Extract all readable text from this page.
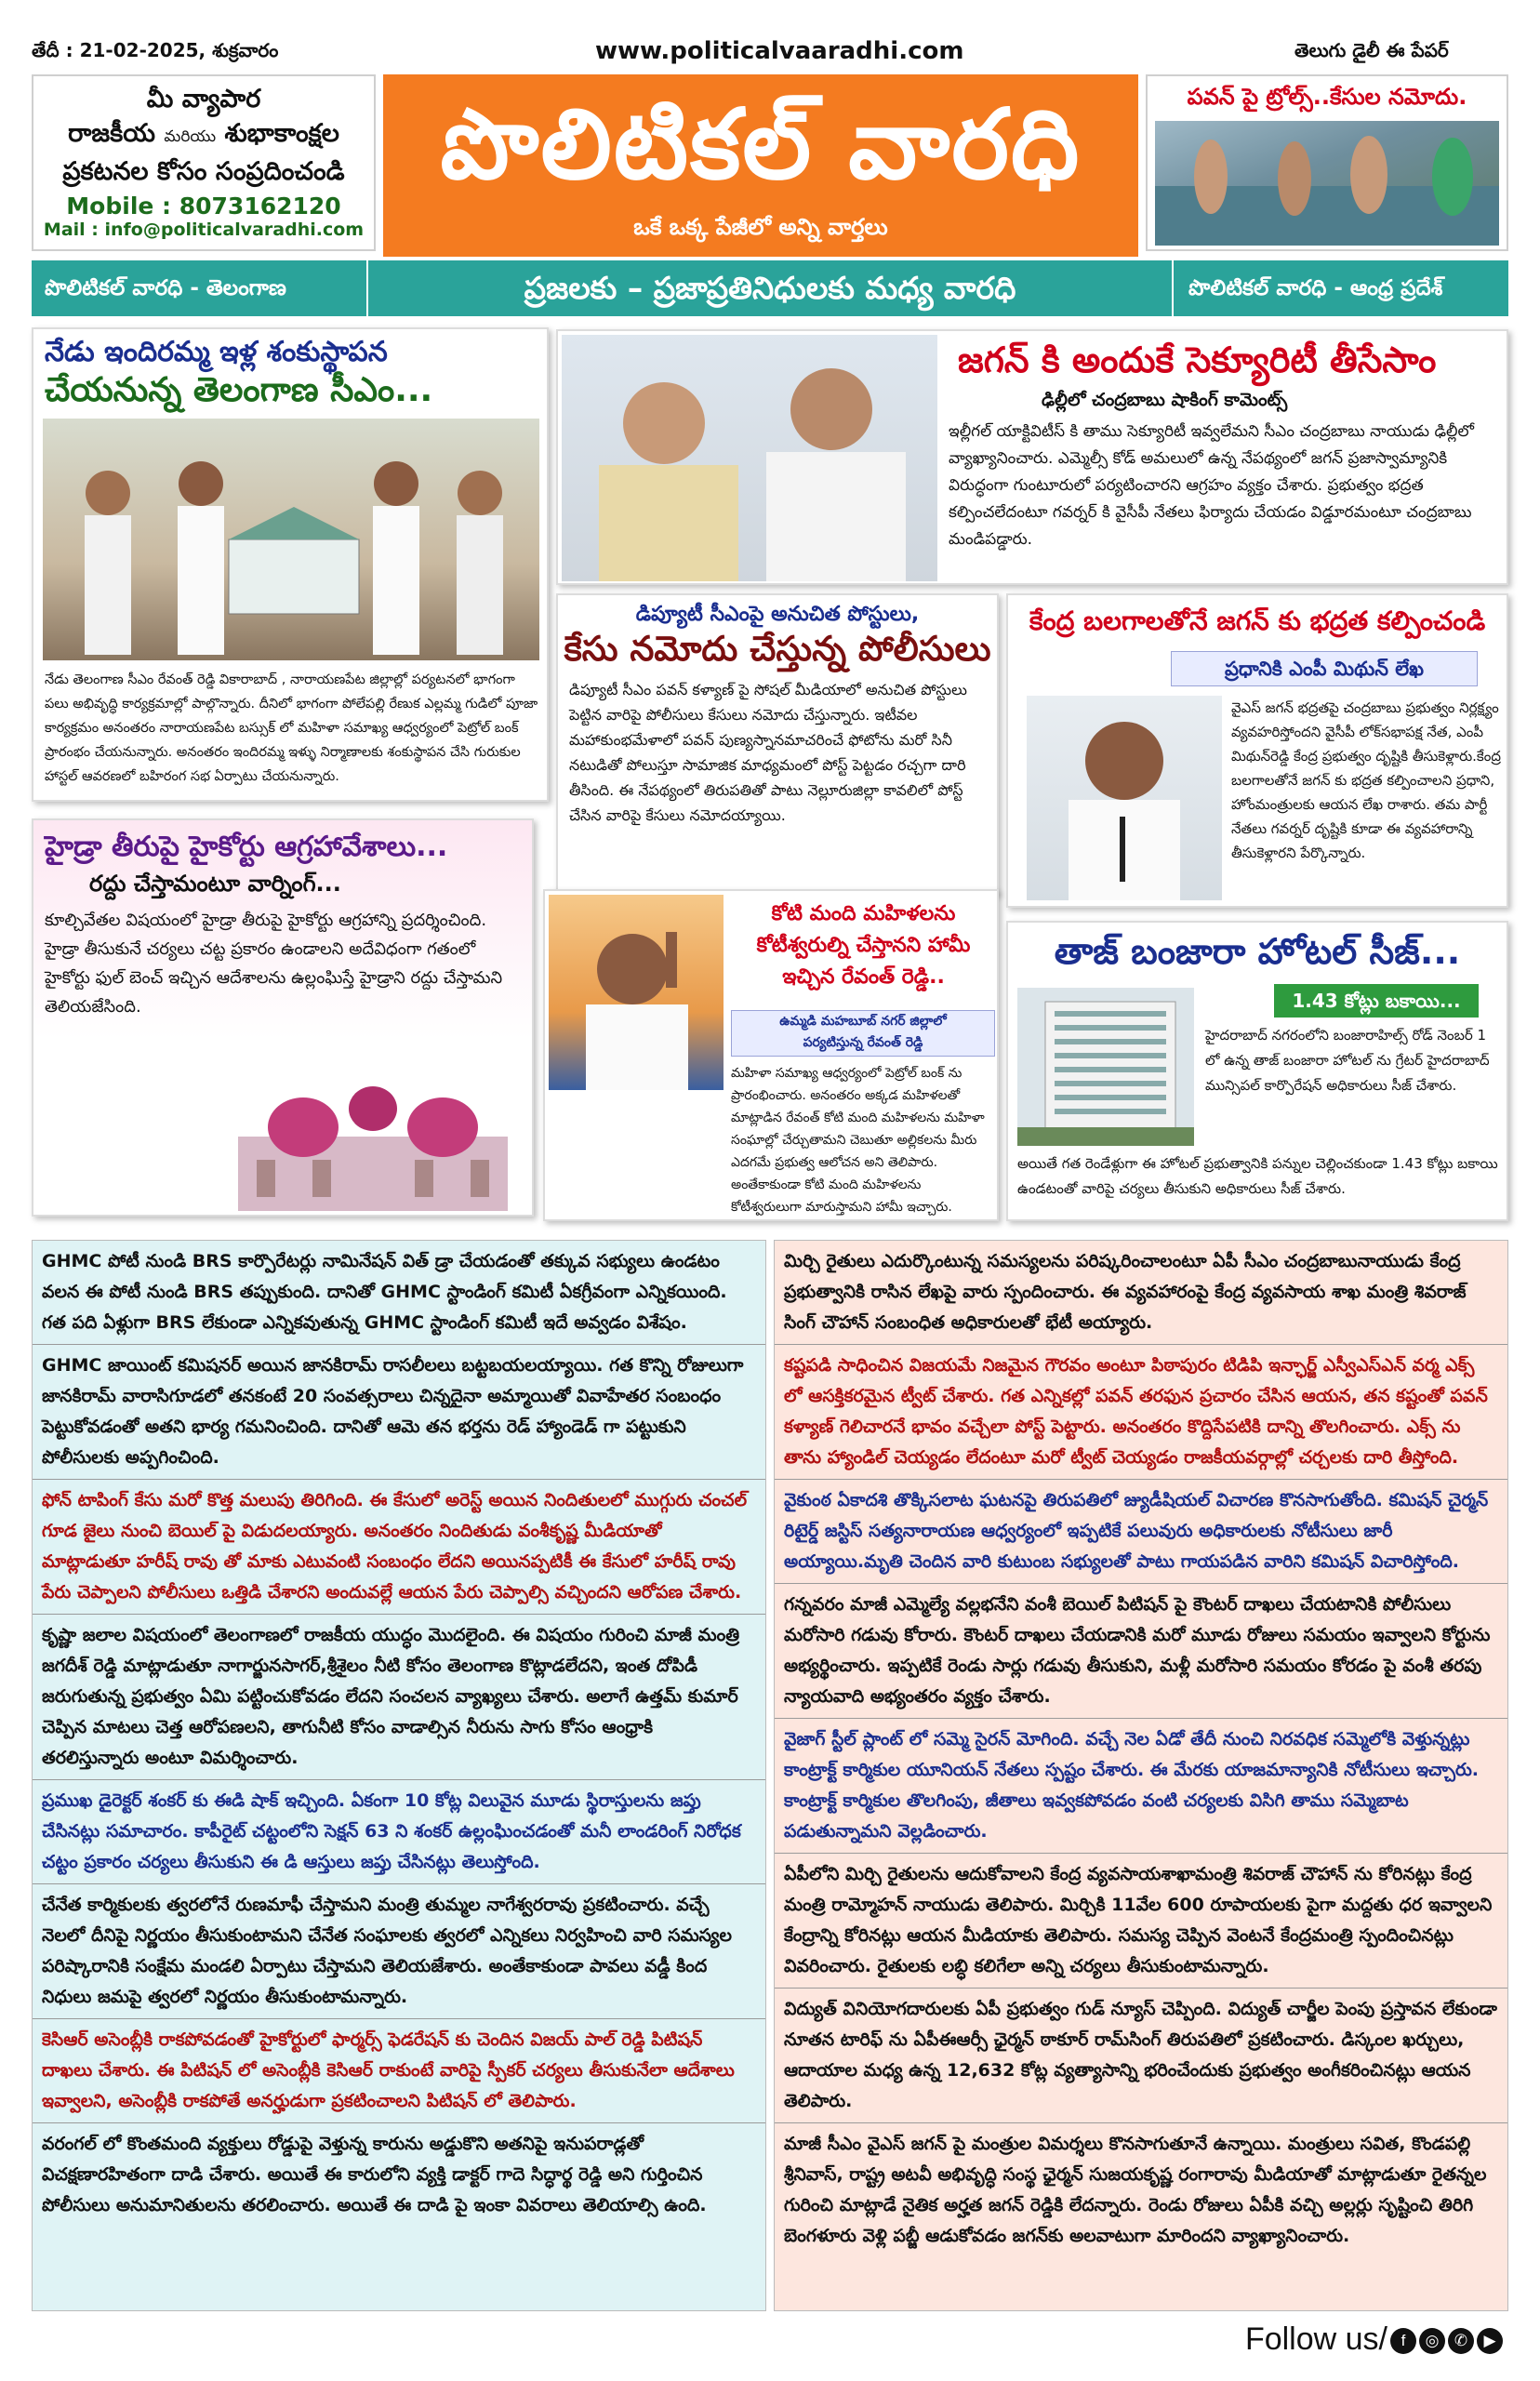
తేదీ : 21-02-2025, శుక్రవారం	www.politicalvaaradhi.com	తెలుగు డైలీ ఈ పేపర్
మీ వ్యాపార
రాజకీయ మరియు శుభాకాంక్షల
ప్రకటనల కోసం సంప్రదించండి
Mobile : 8073162120
Mail : info@politicalvaradhi.com
పొలిటికల్ వారధి
ఒకే ఒక్క పేజీలో అన్ని వార్తలు
పవన్ పై ట్రోల్స్..కేసుల నమోదు.
పొలిటికల్ వారధి - తెలంగాణ	ప్రజలకు – ప్రజాప్రతినిధులకు మధ్య వారధి	పొలిటికల్ వారధి - ఆంధ్ర ప్రదేశ్
నేడు ఇందిరమ్మ ఇళ్ల శంకుస్థాపన
చేయనున్న తెలంగాణ సీఎం...
నేడు తెలంగాణ సీఎం రేవంత్ రెడ్డి వికారాబాద్ , నారాయణపేట జిల్లాల్లో పర్యటనలో భాగంగా పలు అభివృద్ధి కార్యక్రమాల్లో పాల్గొన్నారు. దీనిలో భాగంగా పోలేపల్లి రేణుక ఎల్లమ్మ గుడిలో పూజా కార్యక్రమం అనంతరం నారాయణపేట బస్సుక్ లో మహిళా సమాఖ్య ఆధ్వర్యంలో పెట్రోల్ బంక్ ప్రారంభం చేయనున్నారు. అనంతరం ఇందిరమ్మ ఇళ్ళు నిర్మాణాలకు శంకుస్థాపన చేసి గురుకుల హాస్టల్ ఆవరణలో బహిరంగ సభ ఏర్పాటు చేయనున్నారు.
జగన్ కి అందుకే సెక్యూరిటీ తీసేసాం
ఢిల్లీలో చంద్రబాబు షాకింగ్ కామెంట్స్
ఇల్లీగల్ యాక్టివిటీస్ కి తాము సెక్యూరిటీ ఇవ్వలేమని సీఎం చంద్రబాబు నాయుడు ఢిల్లీలో వ్యాఖ్యానించారు. ఎమ్మెల్సీ కోడ్ అమలులో ఉన్న నేపథ్యంలో జగన్ ప్రజాస్వామ్యానికి విరుద్ధంగా గుంటూరులో పర్యటించారని ఆగ్రహం వ్యక్తం చేశారు. ప్రభుత్వం భద్రత కల్పించలేదంటూ గవర్నర్ కి వైసీపీ నేతలు ఫిర్యాదు చేయడం విడ్డూరమంటూ చంద్రబాబు మండిపడ్డారు.
డిప్యూటీ సీఎంపై అనుచిత పోస్టులు,
కేసు నమోదు చేస్తున్న పోలీసులు
డిప్యూటీ సీఎం పవన్ కళ్యాణ్ పై సోషల్ మీడియాలో అనుచిత పోస్టులు పెట్టిన వారిపై పోలీసులు కేసులు నమోదు చేస్తున్నారు. ఇటీవల మహాకుంభమేళాలో పవన్ పుణ్యస్నానమాచరించే ఫోటోను మరో సినీ నటుడితో పోలుస్తూ సామాజిక మాధ్యమంలో పోస్ట్ పెట్టడం రచ్చగా దారి తీసింది. ఈ నేపథ్యంలో తిరుపతితో పాటు నెల్లూరుజిల్లా కావలిలో పోస్ట్ చేసిన వారిపై కేసులు నమోదయ్యాయి.
కేంద్ర బలగాలతోనే జగన్ కు భద్రత కల్పించండి
ప్రధానికి ఎంపీ మిథున్ లేఖ
వైఎస్ జగన్ భద్రతపై చంద్రబాబు ప్రభుత్వం నిర్లక్ష్యం వ్యవహరిస్తోందని వైసీపీ లోక్‌సభాపక్ష నేత, ఎంపీ మిథున్‌రెడ్డి కేంద్ర ప్రభుత్వం దృష్టికి తీసుకెళ్లారు.కేంద్ర బలగాలతోనే జగన్ కు భద్రత కల్పించాలని ప్రధాని, హోంమంత్రులకు ఆయన లేఖ రాశారు. తమ పార్టీ నేతలు గవర్నర్ దృష్టికి కూడా ఈ వ్యవహారాన్ని తీసుకెళ్లారని పేర్కొన్నారు.
హైడ్రా తీరుపై హైకోర్టు ఆగ్రహావేశాలు...
రద్దు చేస్తామంటూ వార్నింగ్...
కూల్చివేతల విషయంలో హైడ్రా తీరుపై హైకోర్టు ఆగ్రహాన్ని ప్రదర్శించింది. హైడ్రా తీసుకునే చర్యలు చట్ట ప్రకారం ఉండాలని అదేవిధంగా గతంలో హైకోర్టు ఫుల్ బెంచ్ ఇచ్చిన ఆదేశాలను ఉల్లంఘిస్తే హైడ్రాని రద్దు చేస్తామని తెలియజేసింది.
కోటి మంది మహిళలను కోటీశ్వరుల్ని చేస్తానని హామీ ఇచ్చిన రేవంత్ రెడ్డి..
ఉమ్మడి మహబూబ్ నగర్ జిల్లాలో
పర్యటిస్తున్న రేవంత్ రెడ్డి
మహిళా సమాఖ్య ఆధ్వర్యంలో పెట్రోల్ బంక్ ను ప్రారంభించారు. అనంతరం అక్కడ మహిళలతో మాట్లాడిన రేవంత్ కోటి మంది మహిళలను మహిళా సంఘాల్లో చేర్చుతామని చెబుతూ అల్లికలను మీరు ఎదగమే ప్రభుత్వ ఆలోచన అని తెలిపారు. అంతేకాకుండా కోటి మంది మహిళలను కోటీశ్వరులుగా మారుస్తామని హామీ ఇచ్చారు.
తాజ్ బంజారా హోటల్ సీజ్...
1.43 కోట్లు బకాయి...
హైదరాబాద్ నగరంలోని బంజారాహిల్స్ రోడ్ నెంబర్ 1 లో ఉన్న తాజ్ బంజారా హోటల్ ను గ్రేటర్ హైదరాబాద్ మున్సిపల్ కార్పొరేషన్ అధికారులు సీజ్ చేశారు.
అయితే గత రెండేళ్లుగా ఈ హోటల్ ప్రభుత్వానికి పన్నుల చెల్లించకుండా 1.43 కోట్లు బకాయి ఉండటంతో వారిపై చర్యలు తీసుకుని అధికారులు సీజ్ చేశారు.
GHMC పోటీ నుండి BRS కార్పొరేటర్లు నామినేషన్ విత్ డ్రా చేయడంతో తక్కువ సభ్యులు ఉండటం వలన ఈ పోటీ నుండి BRS తప్పుకుంది. దానితో GHMC స్టాండింగ్ కమిటీ ఏకగ్రీవంగా ఎన్నికయింది. గత పది ఏళ్లుగా BRS లేకుండా ఎన్నికవుతున్న GHMC స్టాండింగ్ కమిటీ ఇదే అవ్వడం విశేషం.
GHMC జాయింట్ కమిషనర్ అయిన జానకిరామ్ రాసలీలలు బట్టబయలయ్యాయి. గత కొన్ని రోజులుగా జానకిరామ్ వారాసిగూడలో తనకంటే 20 సంవత్సరాలు చిన్నదైనా అమ్మాయితో వివాహేతర సంబంధం పెట్టుకోవడంతో అతని భార్య గమనించింది. దానితో ఆమె తన భర్తను రెడ్ హ్యాండెడ్ గా పట్టుకుని పోలీసులకు అప్పగించింది.
ఫోన్ టాపింగ్ కేసు మరో కొత్త మలుపు తిరిగింది. ఈ కేసులో అరెస్ట్ అయిన నిందితులలో ముగ్గురు చంచల్ గూడ జైలు నుంచి బెయిల్ పై విడుదలయ్యారు. అనంతరం నిందితుడు వంశీకృష్ణ మీడియాతో మాట్లాడుతూ హరీష్ రావు తో మాకు ఎటువంటి సంబంధం లేదని అయినప్పటికీ ఈ కేసులో హరీష్ రావు పేరు చెప్పాలని పోలీసులు ఒత్తిడి చేశారని అందువల్లే ఆయన పేరు చెప్పాల్సి వచ్చిందని ఆరోపణ చేశారు.
కృష్ణా జలాల విషయంలో తెలంగాణలో రాజకీయ యుద్ధం మొదలైంది. ఈ విషయం గురించి మాజీ మంత్రి జగదీశ్ రెడ్డి మాట్లాడుతూ నాగార్జునసాగర్,శ్రీశైలం నీటి కోసం తెలంగాణ కొట్లాడలేదని, ఇంత దోపిడీ జరుగుతున్న ప్రభుత్వం ఏమి పట్టించుకోవడం లేదని సంచలన వ్యాఖ్యలు చేశారు. అలాగే ఉత్తమ్ కుమార్ చెప్పిన మాటలు చెత్త ఆరోపణలని, తాగునీటి కోసం వాడాల్సిన నీరును సాగు కోసం ఆంధ్రాకి తరలిస్తున్నారు అంటూ విమర్శించారు.
ప్రముఖ డైరెక్టర్ శంకర్ కు ఈడి షాక్ ఇచ్చింది. ఏకంగా 10 కోట్ల విలువైన మూడు స్థిరాస్తులను జప్తు చేసినట్లు సమాచారం. కాపీరైట్ చట్టంలోని సెక్షన్ 63 ని శంకర్ ఉల్లంఘించడంతో మనీ లాండరింగ్ నిరోధక చట్టం ప్రకారం చర్యలు తీసుకుని ఈ డి ఆస్తులు జప్తు చేసినట్లు తెలుస్తోంది.
చేనేత కార్మికులకు త్వరలోనే రుణమాఫీ చేస్తామని మంత్రి తుమ్మల నాగేశ్వరరావు ప్రకటించారు. వచ్చే నెలలో దీనిపై నిర్ణయం తీసుకుంటామని చేనేత సంఘాలకు త్వరలో ఎన్నికలు నిర్వహించి వారి సమస్యల పరిష్కారానికి సంక్షేమ మండలి ఏర్పాటు చేస్తామని తెలియజేశారు. అంతేకాకుండా పావలు వడ్డీ కింద నిధులు జమపై త్వరలో నిర్ణయం తీసుకుంటామన్నారు.
కెసిఆర్ అసెంబ్లీకి రాకపోవడంతో హైకోర్టులో ఫార్మర్స్ ఫెడరేషన్ కు చెందిన విజయ్ పాల్ రెడ్డి పిటిషన్ దాఖలు చేశారు. ఈ పిటిషన్ లో అసెంబ్లీకి కెసిఆర్ రాకుంటే వారిపై స్పీకర్ చర్యలు తీసుకునేలా ఆదేశాలు ఇవ్వాలని, అసెంబ్లీకి రాకపోతే అనర్హుడుగా ప్రకటించాలని పిటిషన్ లో తెలిపారు.
వరంగల్ లో కొంతమంది వ్యక్తులు రోడ్డుపై వెళ్తున్న కారును అడ్డుకొని అతనిపై ఇనుపరాడ్లతో విచక్షణారహితంగా దాడి చేశారు. అయితే ఈ కారులోని వ్యక్తి డాక్టర్ గాదె సిద్ధార్థ రెడ్డి అని గుర్తించిన పోలీసులు అనుమానితులను తరలించారు. అయితే ఈ దాడి పై ఇంకా వివరాలు తెలియాల్సి ఉంది.
మిర్చి రైతులు ఎదుర్కొంటున్న సమస్యలను పరిష్కరించాలంటూ ఏపీ సీఎం చంద్రబాబునాయుడు కేంద్ర ప్రభుత్వానికి రాసిన లేఖపై వారు స్పందించారు. ఈ వ్యవహారంపై కేంద్ర వ్యవసాయ శాఖ మంత్రి శివరాజ్ సింగ్ చౌహాన్ సంబంధిత అధికారులతో భేటీ అయ్యారు.
కష్టపడి సాధించిన విజయమే నిజమైన గౌరవం అంటూ పిఠాపురం టిడిపి ఇన్ఛార్జ్ ఎస్వీఎస్ఎన్ వర్మ ఎక్స్ లో ఆసక్తికరమైన ట్వీట్ చేశారు. గత ఎన్నికల్లో పవన్ తరఫున ప్రచారం చేసిన ఆయన, తన కష్టంతో పవన్ కళ్యాణ్ గెలిచారనే భావం వచ్చేలా పోస్ట్ పెట్టారు. అనంతరం కొద్దిసేపటికి దాన్ని తొలగించారు. ఎక్స్ ను తాను హ్యాండిల్ చెయ్యడం లేదంటూ మరో ట్వీట్ చెయ్యడం రాజకీయవర్గాల్లో చర్చలకు దారి తీస్తోంది.
వైకుంఠ ఏకాదశి తొక్కిసలాట ఘటనపై తిరుపతిలో జ్యుడీషియల్ విచారణ కొనసాగుతోంది. కమిషన్ చైర్మన్ రిటైర్డ్ జస్టిస్ సత్యనారాయణ ఆధ్వర్యంలో ఇప్పటికే పలువురు అధికారులకు నోటీసులు జారీ అయ్యాయి.మృతి చెందిన వారి కుటుంబ సభ్యులతో పాటు గాయపడిన వారిని కమిషన్ విచారిస్తోంది.
గన్నవరం మాజీ ఎమ్మెల్యే వల్లభనేని వంశీ బెయిల్ పిటిషన్ పై కౌంటర్ దాఖలు చేయటానికి పోలీసులు మరోసారి గడువు కోరారు. కౌంటర్ దాఖలు చేయడానికి మరో మూడు రోజులు సమయం ఇవ్వాలని కోర్టును అభ్యర్థించారు. ఇప్పటికే రెండు సార్లు గడువు తీసుకుని, మళ్లీ మరోసారి సమయం కోరడం పై వంశీ తరపు న్యాయవాది అభ్యంతరం వ్యక్తం చేశారు.
వైజాగ్ స్టీల్ ప్లాంట్ లో సమ్మె సైరన్ మోగింది. వచ్చే నెల ఏడో తేదీ నుంచి నిరవధిక సమ్మెలోకి వెళ్తున్నట్లు కాంట్రాక్ట్ కార్మికుల యూనియన్ నేతలు స్పష్టం చేశారు. ఈ మేరకు యాజమాన్యానికి నోటీసులు ఇచ్చారు. కాంట్రాక్ట్ కార్మికుల తొలగింపు, జీతాలు ఇవ్వకపోవడం వంటి చర్యలకు విసిగి తాము సమ్మెబాట పడుతున్నామని వెల్లడించారు.
ఏపీలోని మిర్చి రైతులను ఆదుకోవాలని కేంద్ర వ్యవసాయశాఖామంత్రి శివరాజ్ చౌహాన్ ను కోరినట్లు కేంద్ర మంత్రి రామ్మోహన్ నాయుడు తెలిపారు. మిర్చికి 11వేల 600 రూపాయలకు పైగా మద్దతు ధర ఇవ్వాలని కేంద్రాన్ని కోరినట్లు ఆయన మీడియాకు తెలిపారు. సమస్య చెప్పిన వెంటనే కేంద్రమంత్రి స్పందించినట్లు వివరించారు. రైతులకు లబ్ధి కలిగేలా అన్ని చర్యలు తీసుకుంటామన్నారు.
విద్యుత్ వినియోగదారులకు ఏపీ ప్రభుత్వం గుడ్ న్యూస్ చెప్పింది. విద్యుత్ చార్జీల పెంపు ప్రస్తావన లేకుండా నూతన టారిఫ్ ను ఏపీఈఆర్సీ ఛైర్మన్ ఠాకూర్ రామ్‌సింగ్ తిరుపతిలో ప్రకటించారు. డిస్కంల ఖర్చులు, ఆదాయాల మధ్య ఉన్న 12,632 కోట్ల వ్యత్యాసాన్ని భరించేందుకు ప్రభుత్వం అంగీకరించినట్లు ఆయన తెలిపారు.
మాజీ సీఎం వైఎస్ జగన్ పై మంత్రుల విమర్శలు కొనసాగుతూనే ఉన్నాయి. మంత్రులు సవిత, కొండపల్లి శ్రీనివాస్, రాష్ట్ర అటవీ అభివృద్ధి సంస్థ ఛైర్మన్ సుజయకృష్ణ రంగారావు మీడియాతో మాట్లాడుతూ రైతన్నల గురించి మాట్లాడే నైతిక అర్హత జగన్ రెడ్డికి లేదన్నారు. రెండు రోజులు ఏపీకి వచ్చి అల్లర్లు సృష్టించి తిరిగి బెంగళూరు వెళ్లి పబ్జీ ఆడుకోవడం జగన్‌కు అలవాటుగా మారిందని వ్యాఖ్యానించారు.
Follow us/ f ◎ ✆ ▶
